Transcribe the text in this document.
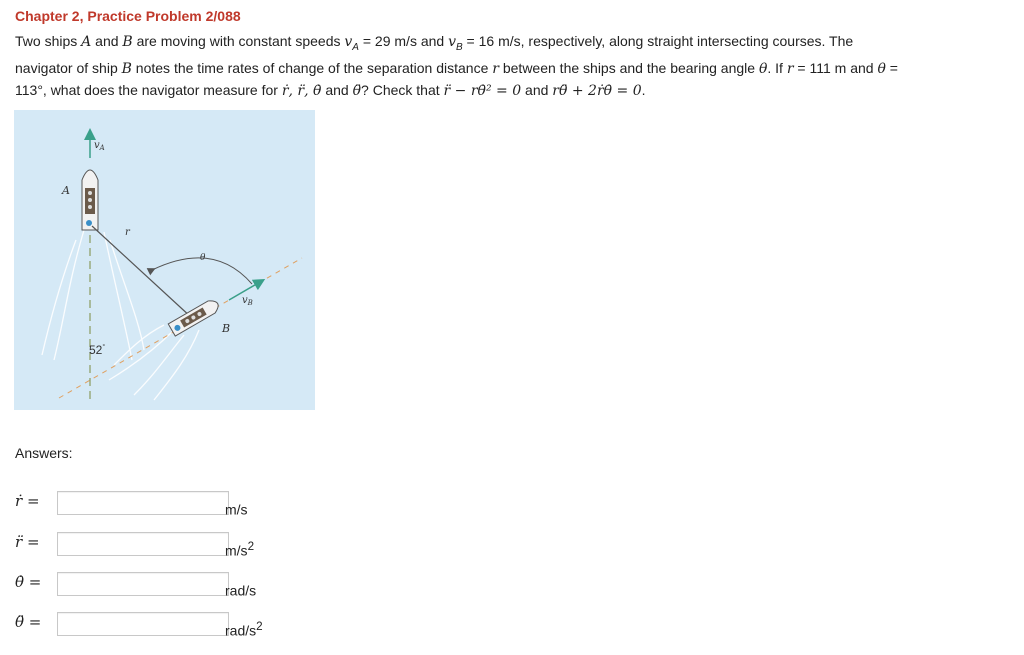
Chapter 2, Practice Problem 2/088
Two ships A and B are moving with constant speeds $v_A = 29$ m/s and $v_B = 16$ m/s, respectively, along straight intersecting courses. The
navigator of ship B notes the time rates of change of the separation distance r between the ships and the bearing angle θ. If r = 111 m and θ =
113°, what does the navigator measure for ṙ, r̈, θ̇ and θ̈? Check that r̈ − rθ̇² = 0 and rθ̈ + 2ṙθ̇ = 0.
$v_A$
A
r
θ
$v_B$
B
52°
Answers:
ṙ =	m/s
r̈ =	$m/s^2$
θ̇ =	rad/s
θ̈ =	rad/$s^2$
